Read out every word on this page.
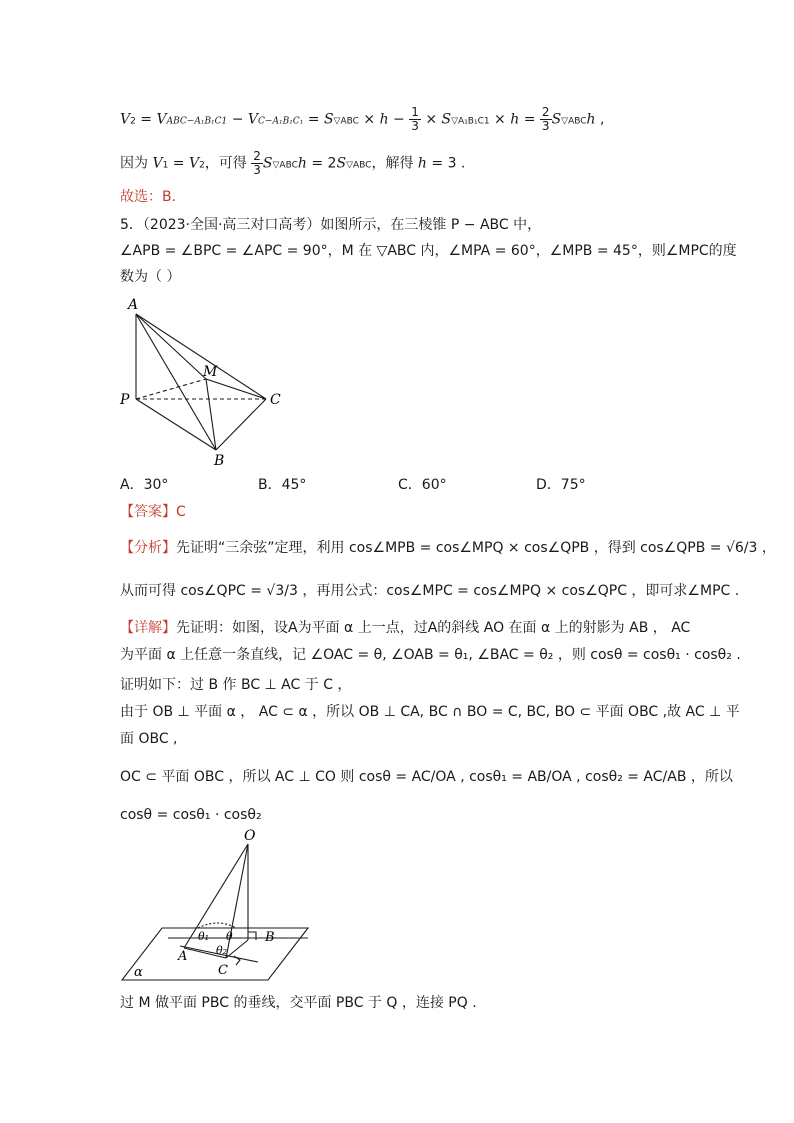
V2 = VABC−A₁B₁C1 − VC−A₁B₁C₁ = S▽ABC × $h - \frac{1}{3}$ × S▽A₁B₁C1 × $h = \frac{2}{3}$ S▽ABCh ,
因为 V1 = V2，可得 $\frac{2}{3}$ S▽ABCh = 2S▽ABC，解得 h = 3 .
故选：B.
5．（2023·全国·高三对口高考）如图所示，在三棱锥 P − ABC 中，
∠APB = ∠BPC = ∠APC = 90°，M 在 ▽ABC 内，∠MPA = 60°，∠MPB = 45°，则∠MPC的度
数为（ ）
A
M
P	C
B
A．30°	B．45°	C．60°	D．75°
【答案】C
【分析】先证明“三余弦”定理，利用 cos∠MPB = cos∠MPQ × cos∠QPB ，得到 cos∠QPB = √6/3 ，
从而可得 cos∠QPC = √3/3 ，再用公式：cos∠MPC = cos∠MPQ × cos∠QPC ，即可求∠MPC .
【详解】先证明：如图，设A为平面 α 上一点，过A的斜线 AO 在面 α 上的射影为 AB ， AC
为平面 α 上任意一条直线，记 ∠OAC = θ, ∠OAB = θ₁, ∠BAC = θ₂ ，则 cosθ = cosθ₁ · cosθ₂ .
证明如下：过 B 作 BC ⊥ AC 于 C ，
由于 OB ⊥ 平面 α ， AC ⊂ α ，所以 OB ⊥ CA, BC ∩ BO = C, BC, BO ⊂ 平面 OBC ,故 AC ⊥ 平
面 OBC ,
OC ⊂ 平面 OBC ，所以 AC ⊥ CO 则 cosθ = AC/OA , cosθ₁ = AB/OA , cosθ₂ = AC/AB ，所以
cosθ = cosθ₁ · cosθ₂
O
B
A
C
α
θ
θ₁
θ₂
过 M 做平面 PBC 的垂线，交平面 PBC 于 Q ，连接 PQ .
